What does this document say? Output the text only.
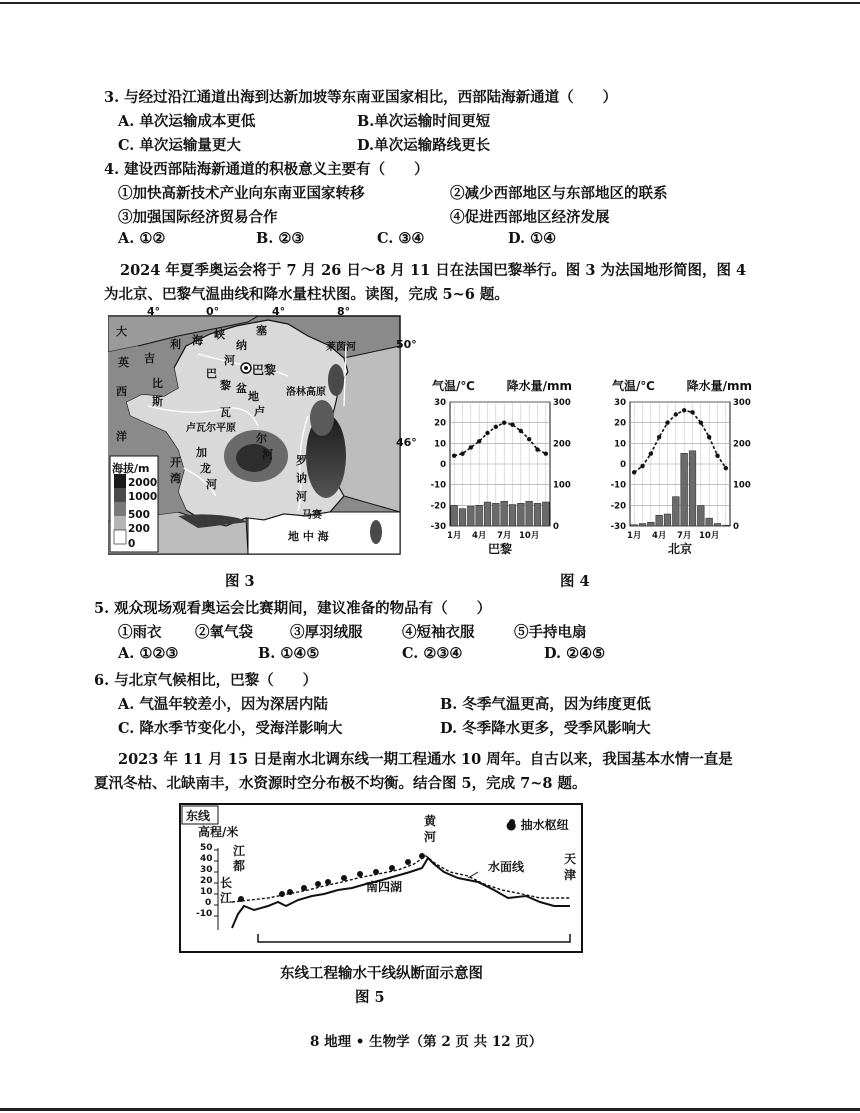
3. 与经过沿江通道出海到达新加坡等东南亚国家相比，西部陆海新通道（　　）
A. 单次运输成本更低	B.单次运输时间更短
C. 单次运输量更大	D.单次运输路线更长
4. 建设西部陆海新通道的积极意义主要有（　　）
①加快高新技术产业向东南亚国家转移	②减少西部地区与东部地区的联系
③加强国际经济贸易合作	④促进西部地区经济发展
A. ①②	B. ②③	C. ③④	D. ①④
2024 年夏季奥运会将于 7 月 26 日～8 月 11 日在法国巴黎举行。图 3 为法国地形简图，图 4
为北京、巴黎气温曲线和降水量柱状图。读图，完成 5~6 题。
4°	0°	4°	8°
50°
46°
大
西
洋
英 吉
利 海 峡	塞
纳
河
巴黎
巴
黎 盆
地
莱茵河
洛林高原
比
斯
开
湾
卢
瓦
尔
河
卢瓦尔平原
加
龙
河
罗
讷
河
马赛
地 中 海
海拔/m
2000
1000
500
200
0
图 3
气温/℃	降水量/mm
30
20
10
0
-10
-20
-30
300
200
100
0
1月 4月 7月 10月
巴黎
气温/℃	降水量/mm
30
20
10
0
-10
-20
-30
300
200
100
0
1月 4月 7月 10月
北京
图 4
5. 观众现场观看奥运会比赛期间，建议准备的物品有（　　）
①雨衣 ②氧气袋	③厚羽绒服	④短袖衣服	⑤手持电扇
A. ①②③	B. ①④⑤	C. ②③④	D. ②④⑤
6. 与北京气候相比，巴黎（　　）
A. 气温年较差小，因为深居内陆	B. 冬季气温更高，因为纬度更低
C. 降水季节变化小，受海洋影响大	D. 冬季降水更多，受季风影响大
2023 年 11 月 15 日是南水北调东线一期工程通水 10 周年。自古以来，我国基本水情一直是
夏汛冬枯、北缺南丰，水资源时空分布极不均衡。结合图 5，完成 7~8 题。
东线
高程/米
50
40
30
20
10
0
-10
江
都
长
江
黄
河
● 抽水枢纽
水面线
天
津
南四湖
东线工程输水干线纵断面示意图
图 5
8 地理 • 生物学（第 2 页 共 12 页）
